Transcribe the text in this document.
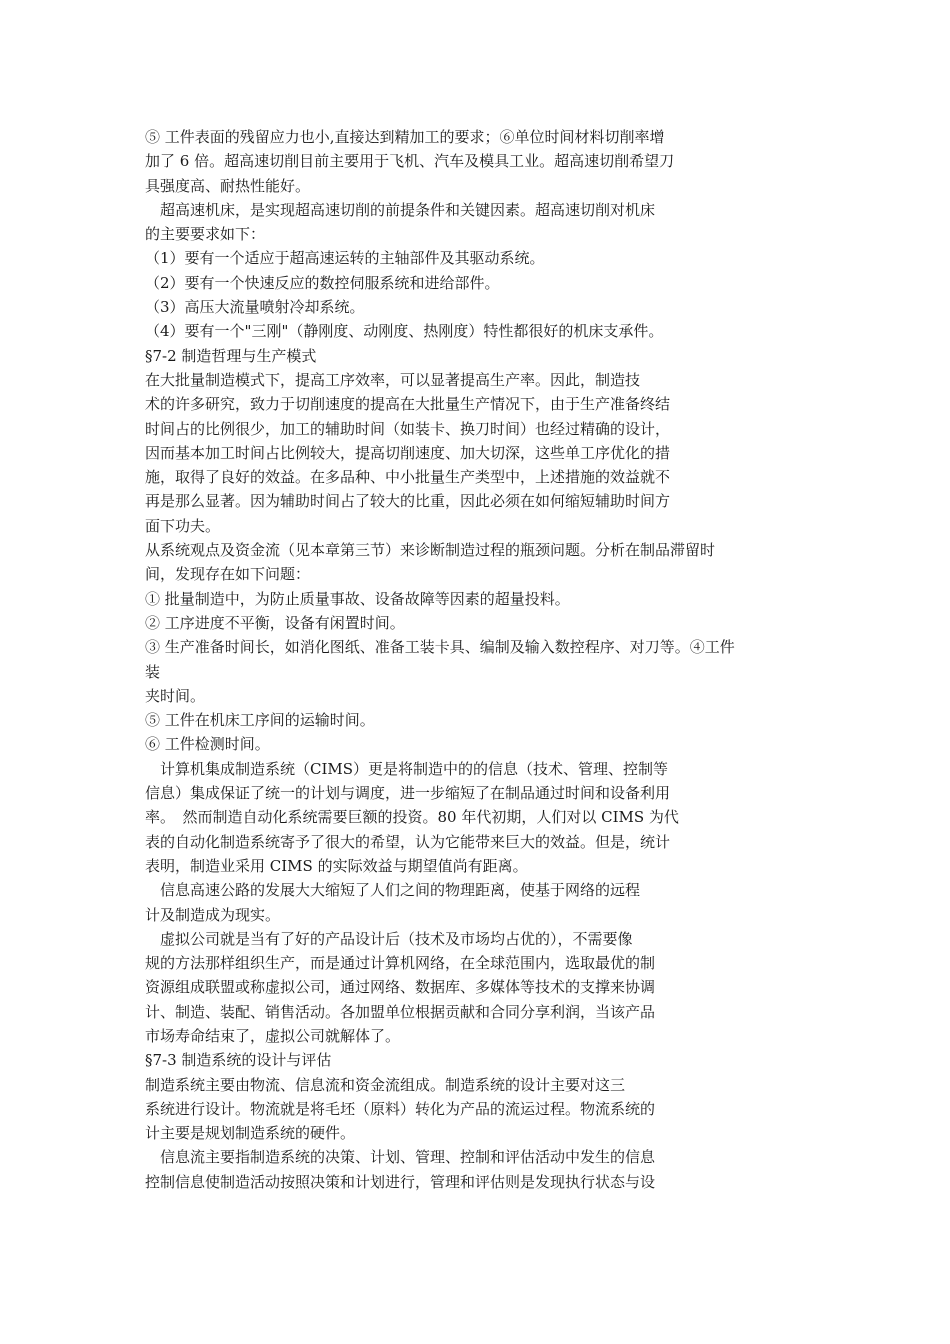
⑤ 工件表面的残留应力也小,直接达到精加工的要求；⑥单位时间材料切削率增
加了 6 倍。超高速切削目前主要用于飞机、汽车及模具工业。超高速切削希望刀
具强度高、耐热性能好。
　超高速机床，是实现超高速切削的前提条件和关键因素。超高速切削对机床
的主要要求如下：
（1）要有一个适应于超高速运转的主轴部件及其驱动系统。
（2）要有一个快速反应的数控伺服系统和进给部件。
（3）高压大流量喷射冷却系统。
（4）要有一个"三刚"（静刚度、动刚度、热刚度）特性都很好的机床支承件。
§7-2 制造哲理与生产模式
在大批量制造模式下，提高工序效率，可以显著提高生产率。因此，制造技
术的许多研究，致力于切削速度的提高在大批量生产情况下，由于生产准备终结
时间占的比例很少，加工的辅助时间（如装卡、换刀时间）也经过精确的设计，
因而基本加工时间占比例较大，提高切削速度、加大切深，这些单工序优化的措
施，取得了良好的效益。在多品种、中小批量生产类型中，上述措施的效益就不
再是那么显著。因为辅助时间占了较大的比重，因此必须在如何缩短辅助时间方
面下功夫。
从系统观点及资金流（见本章第三节）来诊断制造过程的瓶颈问题。分析在制品滞留时
间，发现存在如下问题：
① 批量制造中，为防止质量事故、设备故障等因素的超量投料。
② 工序进度不平衡，设备有闲置时间。
③ 生产准备时间长，如消化图纸、准备工装卡具、编制及输入数控程序、对刀等。④工件
装
夹时间。
⑤ 工件在机床工序间的运输时间。
⑥ 工件检测时间。
　计算机集成制造系统（CIMS）更是将制造中的的信息（技术、管理、控制等
信息）集成保证了统一的计划与调度，进一步缩短了在制品通过时间和设备利用
率。　然而制造自动化系统需要巨额的投资。80 年代初期，人们对以 CIMS 为代
表的自动化制造系统寄予了很大的希望，认为它能带来巨大的效益。但是，统计
表明，制造业采用 CIMS 的实际效益与期望值尚有距离。
　信息高速公路的发展大大缩短了人们之间的物理距离，使基于网络的远程
计及制造成为现实。
　虚拟公司就是当有了好的产品设计后（技术及市场均占优的），不需要像
规的方法那样组织生产，而是通过计算机网络，在全球范围内，选取最优的制
资源组成联盟或称虚拟公司，通过网络、数据库、多媒体等技术的支撑来协调
计、制造、装配、销售活动。各加盟单位根据贡献和合同分享利润，当该产品
市场寿命结束了，虚拟公司就解体了。
§7-3 制造系统的设计与评估
制造系统主要由物流、信息流和资金流组成。制造系统的设计主要对这三
系统进行设计。物流就是将毛坯（原料）转化为产品的流运过程。物流系统的
计主要是规划制造系统的硬件。
　信息流主要指制造系统的决策、计划、管理、控制和评估活动中发生的信息
控制信息使制造活动按照决策和计划进行，管理和评估则是发现执行状态与设
